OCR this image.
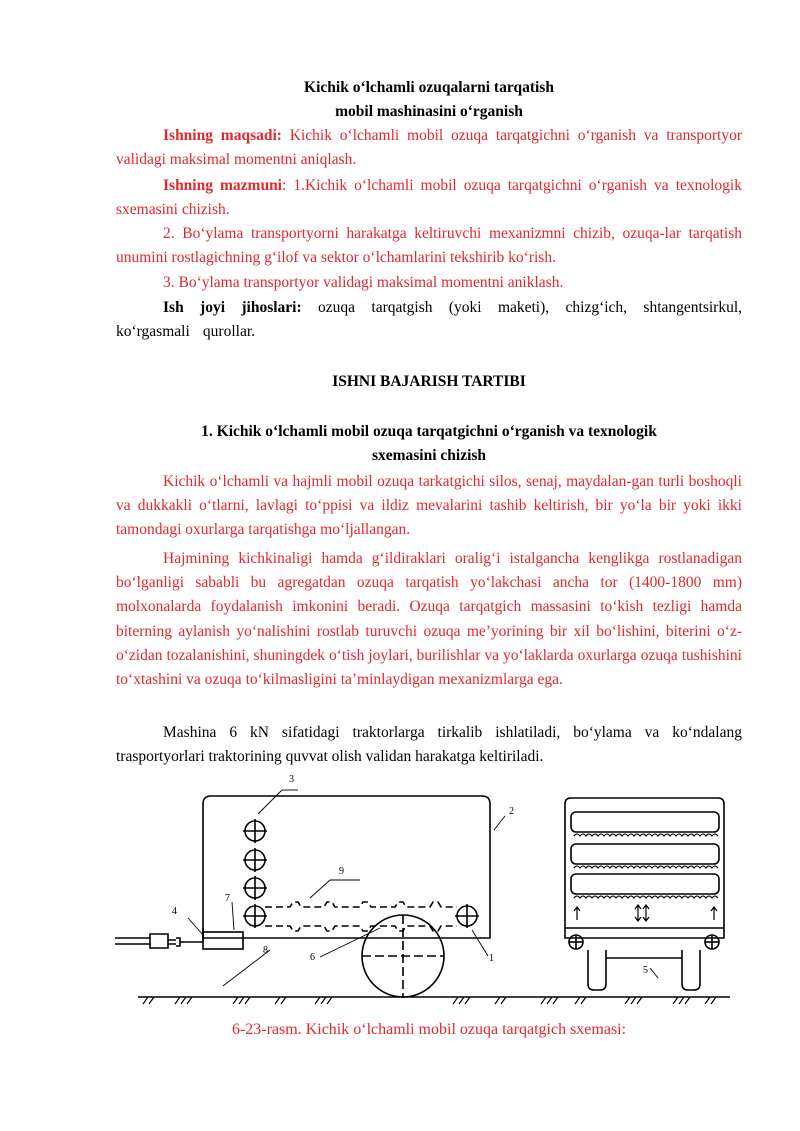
Kichik o‘lchamli ozuqalarni tarqatish
mobil mashinasini o‘rganish
Ishning maqsadi: Kichik o‘lchamli mobil ozuqa tarqatgichni o‘rganish va transportyor validagi maksimal momentni aniqlash.
Ishning mazmuni: 1.Kichik o‘lchamli mobil ozuqa tarqatgichni o‘rganish va texnologik sxemasini chizish.
2. Bo‘ylama transportyorni harakatga keltiruvchi mexanizmni chizib, ozuqa-lar tarqatish unumini rostlagichning g‘ilof va sektor o‘lchamlarini tekshirib ko‘rish.
3. Bo‘ylama transportyor validagi maksimal momentni aniklash.
Ish joyi jihoslari: ozuqa tarqatgish (yoki maketi), chizg‘ich, shtangentsirkul, ko‘rgasmali qurollar.
ISHNI BAJARISH TARTIBI
1. Kichik o‘lchamli mobil ozuqa tarqatgichni o‘rganish va texnologik
sxemasini chizish
Kichik o‘lchamli va hajmli mobil ozuqa tarkatgichi silos, senaj, maydalan-gan turli boshoqli va dukkakli o‘tlarni, lavlagi to‘ppisi va ildiz mevalarini tashib keltirish, bir yo‘la bir yoki ikki tamondagi oxurlarga tarqatishga mo‘ljallangan.
Hajmining kichkinaligi hamda g‘ildiraklari oralig‘i istalgancha kenglikga rostlanadigan bo‘lganligi sababli bu agregatdan ozuqa tarqatish yo‘lakchasi ancha tor (1400-1800 mm) molxonalarda foydalanish imkonini beradi. Ozuqa tarqatgich massasini to‘kish tezligi hamda biterning aylanish yo‘nalishini rostlab turuvchi ozuqa me’yorining bir xil bo‘lishini, biterini o‘z-o‘zidan tozalanishini, shuningdek o‘tish joylari, burilishlar va yo‘laklarda oxurlarga ozuqa tushishini to‘xtashini va ozuqa to‘kilmasligini ta’minlaydigan mexanizmlarga ega.
Mashina 6 kN sifatidagi traktorlarga tirkalib ishlatiladi, bo‘ylama va ko‘ndalang trasportyorlari traktorining quvvat olish validan harakatga keltiriladi.
3
2
9
4
7
8
6	1
5
6-23-rasm. Kichik o‘lchamli mobil ozuqa tarqatgich sxemasi:
